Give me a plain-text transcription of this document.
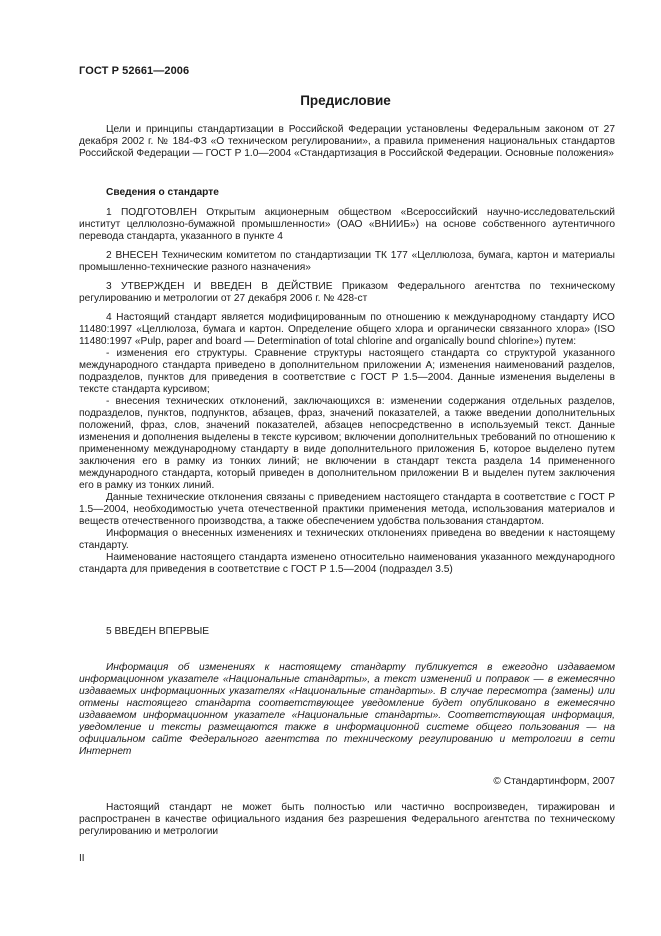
ГОСТ Р 52661—2006
Предисловие

Цели и принципы стандартизации в Российской Федерации установлены Федеральным законом от 27 декабря 2002 г. № 184-ФЗ «О техническом регулировании», а правила применения национальных стандартов Российской Федерации — ГОСТ Р 1.0—2004 «Стандартизация в Российской Федерации. Основные положения»

Сведения о стандарте

1 ПОДГОТОВЛЕН Открытым акционерным обществом «Всероссийский научно-исследовательский институт целлюлозно-бумажной промышленности» (ОАО «ВНИИБ») на основе собственного аутентичного перевода стандарта, указанного в пункте 4

2 ВНЕСЕН Техническим комитетом по стандартизации ТК 177 «Целлюлоза, бумага, картон и материалы промышленно-технические разного назначения»

3 УТВЕРЖДЕН И ВВЕДЕН В ДЕЙСТВИЕ Приказом Федерального агентства по техническому регулированию и метрологии от 27 декабря 2006 г. № 428-ст

4 Настоящий стандарт является модифицированным по отношению к международному стандарту ИСО 11480:1997 «Целлюлоза, бумага и картон. Определение общего хлора и органически связанного хлора» (ISO 11480:1997 «Pulp, paper and board — Determination of total chlorine and organically bound chlorine») путем:

- изменения его структуры. Сравнение структуры настоящего стандарта со структурой указанного международного стандарта приведено в дополнительном приложении А; изменения наименований разделов, подразделов, пунктов для приведения в соответствие с ГОСТ Р 1.5—2004. Данные изменения выделены в тексте стандарта курсивом;

- внесения технических отклонений, заключающихся в: изменении содержания отдельных разделов, подразделов, пунктов, подпунктов, абзацев, фраз, значений показателей, а также введении дополнительных положений, фраз, слов, значений показателей, абзацев непосредственно в используемый текст. Данные изменения и дополнения выделены в тексте курсивом; включении дополнительных требований по отношению к примененному международному стандарту в виде дополнительного приложения Б, которое выделено путем заключения его в рамку из тонких линий; не включении в стандарт текста раздела 14 примененного международного стандарта, который приведен в дополнительном приложении В и выделен путем заключения его в рамку из тонких линий.

Данные технические отклонения связаны с приведением настоящего стандарта в соответствие с ГОСТ Р 1.5—2004, необходимостью учета отечественной практики применения метода, использования материалов и веществ отечественного производства, а также обеспечением удобства пользования стандартом.

Информация о внесенных изменениях и технических отклонениях приведена во введении к настоящему стандарту.

Наименование настоящего стандарта изменено относительно наименования указанного международного стандарта для приведения в соответствие с ГОСТ Р 1.5—2004 (подраздел 3.5)

5 ВВЕДЕН ВПЕРВЫЕ

Информация об изменениях к настоящему стандарту публикуется в ежегодно издаваемом информационном указателе «Национальные стандарты», а текст изменений и поправок — в ежемесячно издаваемых информационных указателях «Национальные стандарты». В случае пересмотра (замены) или отмены настоящего стандарта соответствующее уведомление будет опубликовано в ежемесячно издаваемом информационном указателе «Национальные стандарты». Соответствующая информация, уведомление и тексты размещаются также в информационной системе общего пользования — на официальном сайте Федерального агентства по техническому регулированию и метрологии в сети Интернет

© Стандартинформ, 2007

Настоящий стандарт не может быть полностью или частично воспроизведен, тиражирован и распространен в качестве официального издания без разрешения Федерального агентства по техническому регулированию и метрологии

II
